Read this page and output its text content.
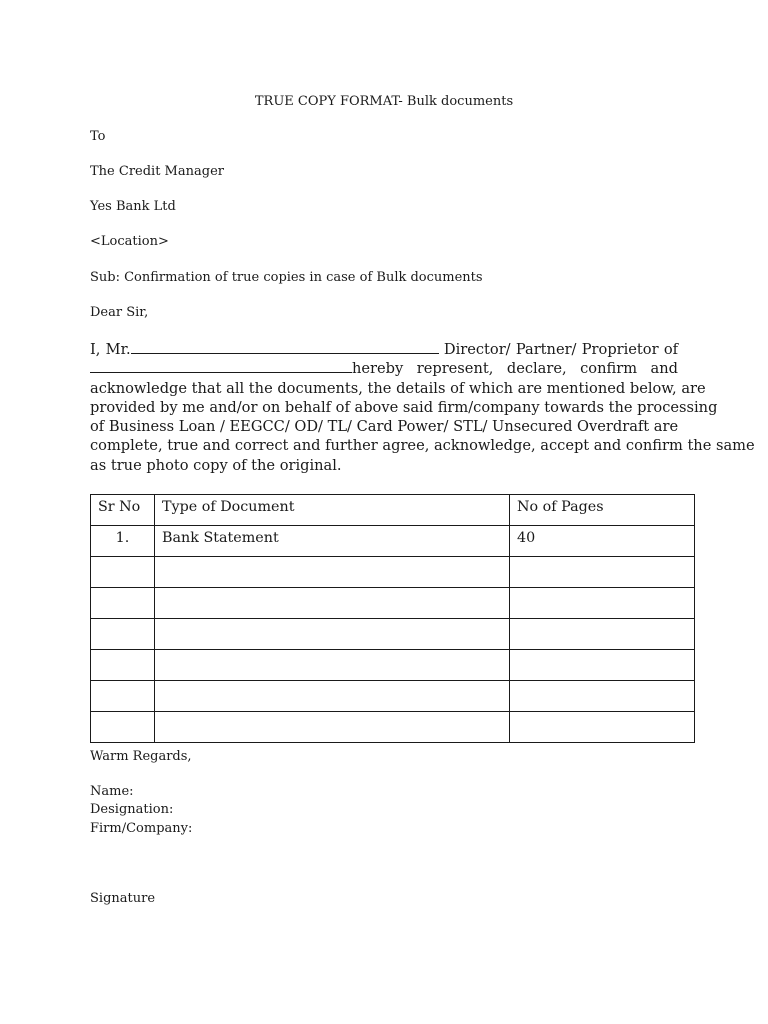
TRUE COPY FORMAT- Bulk documents
To
The Credit Manager
Yes Bank Ltd
<Location>
Sub: Confirmation of true copies in case of Bulk documents
Dear Sir,
I, Mr.	Director/ Partner/ Proprietor of
hereby represent, declare, confirm and
acknowledge that all the documents, the details of which are mentioned below, are
provided by me and/or on behalf of above said firm/company towards the processing
of Business Loan / EEGCC/ OD/ TL/ Card Power/ STL/ Unsecured Overdraft are
complete, true and correct and further agree, acknowledge, accept and confirm the same
as true photo copy of the original.
Sr No	Type of Document	No of Pages
1.	Bank Statement	40

Warm Regards,
Name:
Designation:
Firm/Company:
Signature
